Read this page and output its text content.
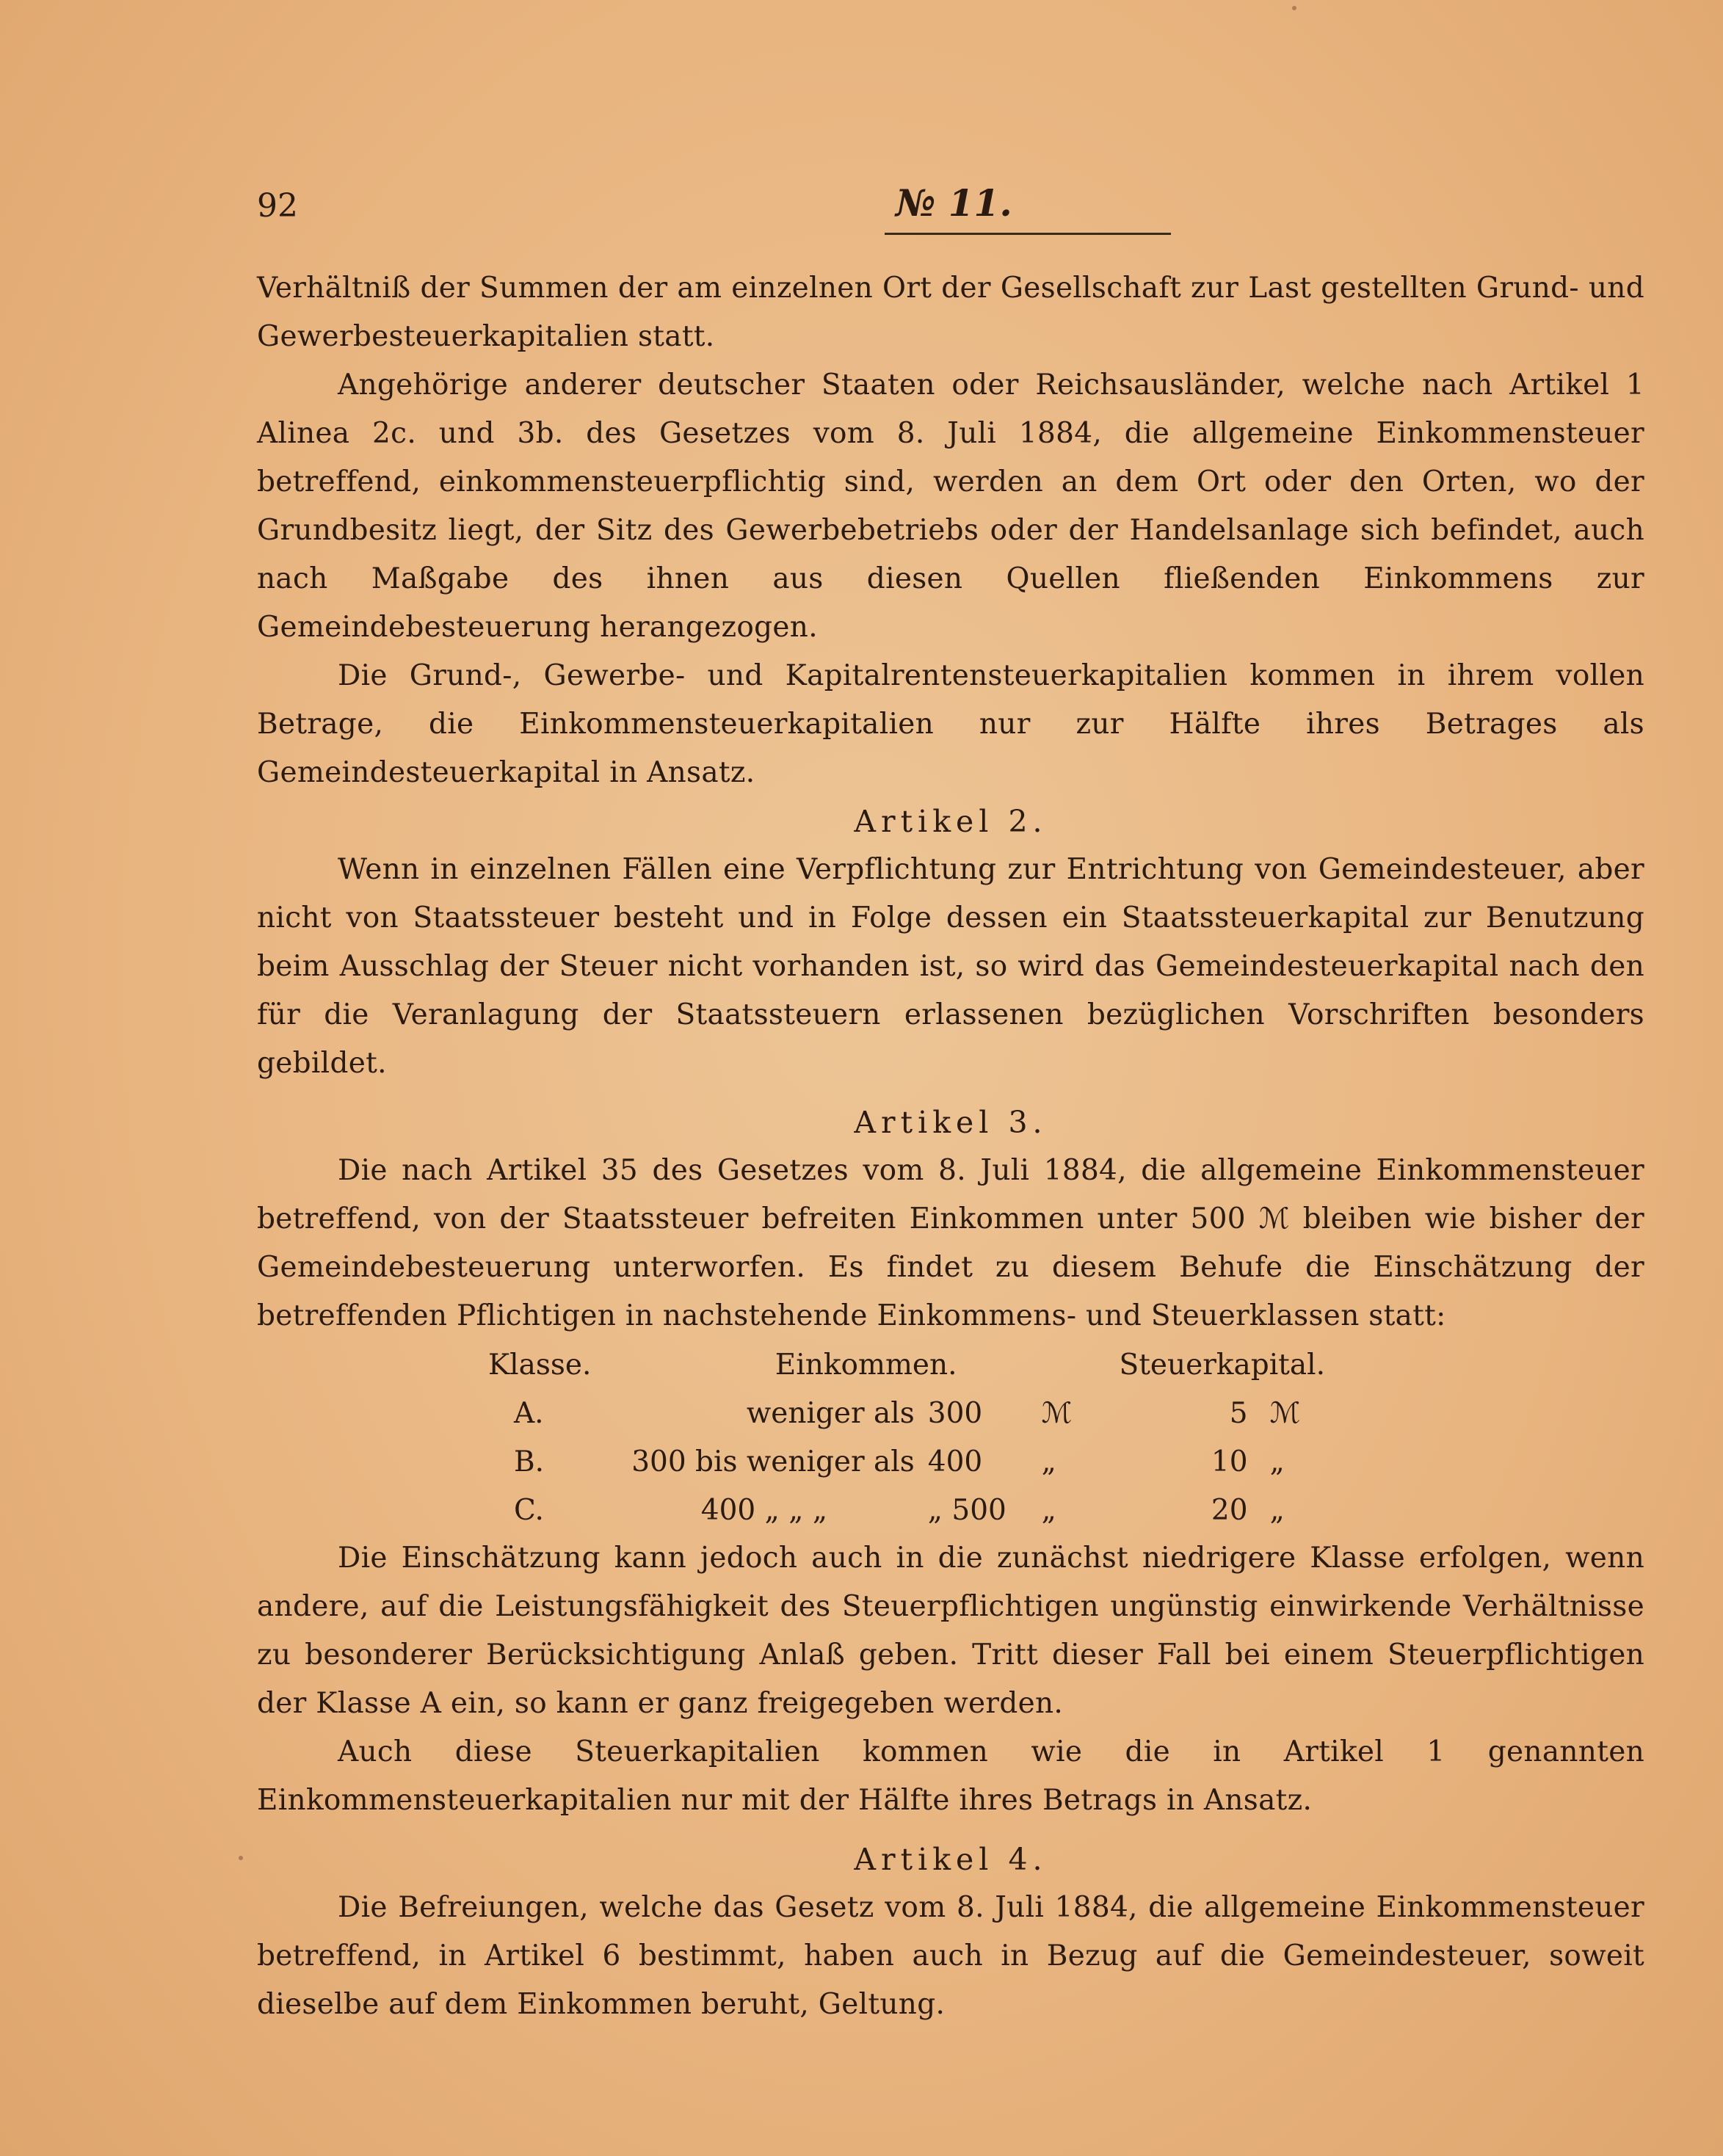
92	№ 11.

Verhältniß der Summen der am einzelnen Ort der Gesellschaft zur Last gestellten Grund- und Gewerbesteuerkapitalien statt.

Angehörige anderer deutscher Staaten oder Reichsausländer, welche nach Artikel 1 Alinea 2c. und 3b. des Gesetzes vom 8. Juli 1884, die allgemeine Einkommensteuer betreffend, einkommensteuerpflichtig sind, werden an dem Ort oder den Orten, wo der Grundbesitz liegt, der Sitz des Gewerbebetriebs oder der Handelsanlage sich befindet, auch nach Maßgabe des ihnen aus diesen Quellen fließenden Einkommens zur Gemeindebesteuerung herangezogen.

Die Grund-, Gewerbe- und Kapitalrentensteuerkapitalien kommen in ihrem vollen Betrage, die Einkommensteuerkapitalien nur zur Hälfte ihres Betrages als Gemeindesteuerkapital in Ansatz.

Artikel 2.

Wenn in einzelnen Fällen eine Verpflichtung zur Entrichtung von Gemeindesteuer, aber nicht von Staatssteuer besteht und in Folge dessen ein Staatssteuerkapital zur Benutzung beim Ausschlag der Steuer nicht vorhanden ist, so wird das Gemeindesteuerkapital nach den für die Veranlagung der Staatssteuern erlassenen bezüglichen Vorschriften besonders gebildet.

Artikel 3.

Die nach Artikel 35 des Gesetzes vom 8. Juli 1884, die allgemeine Einkommensteuer betreffend, von der Staatssteuer befreiten Einkommen unter 500 ℳ bleiben wie bisher der Gemeindebesteuerung unterworfen. Es findet zu diesem Behufe die Einschätzung der betreffenden Pflichtigen in nachstehende Einkommens- und Steuerklassen statt:

Klasse.	Einkommen.			Steuerkapital.	
A.	weniger als	300	ℳ	5	ℳ
B.	300 bis weniger als	400	„	10	„
C.	400 „ „ „	„ 500	„	20	„

Die Einschätzung kann jedoch auch in die zunächst niedrigere Klasse erfolgen, wenn andere, auf die Leistungsfähigkeit des Steuerpflichtigen ungünstig einwirkende Verhältnisse zu besonderer Berücksichtigung Anlaß geben. Tritt dieser Fall bei einem Steuerpflichtigen der Klasse A ein, so kann er ganz freigegeben werden.

Auch diese Steuerkapitalien kommen wie die in Artikel 1 genannten Einkommensteuerkapitalien nur mit der Hälfte ihres Betrags in Ansatz.

Artikel 4.

Die Befreiungen, welche das Gesetz vom 8. Juli 1884, die allgemeine Einkommensteuer betreffend, in Artikel 6 bestimmt, haben auch in Bezug auf die Gemeindesteuer, soweit dieselbe auf dem Einkommen beruht, Geltung.
